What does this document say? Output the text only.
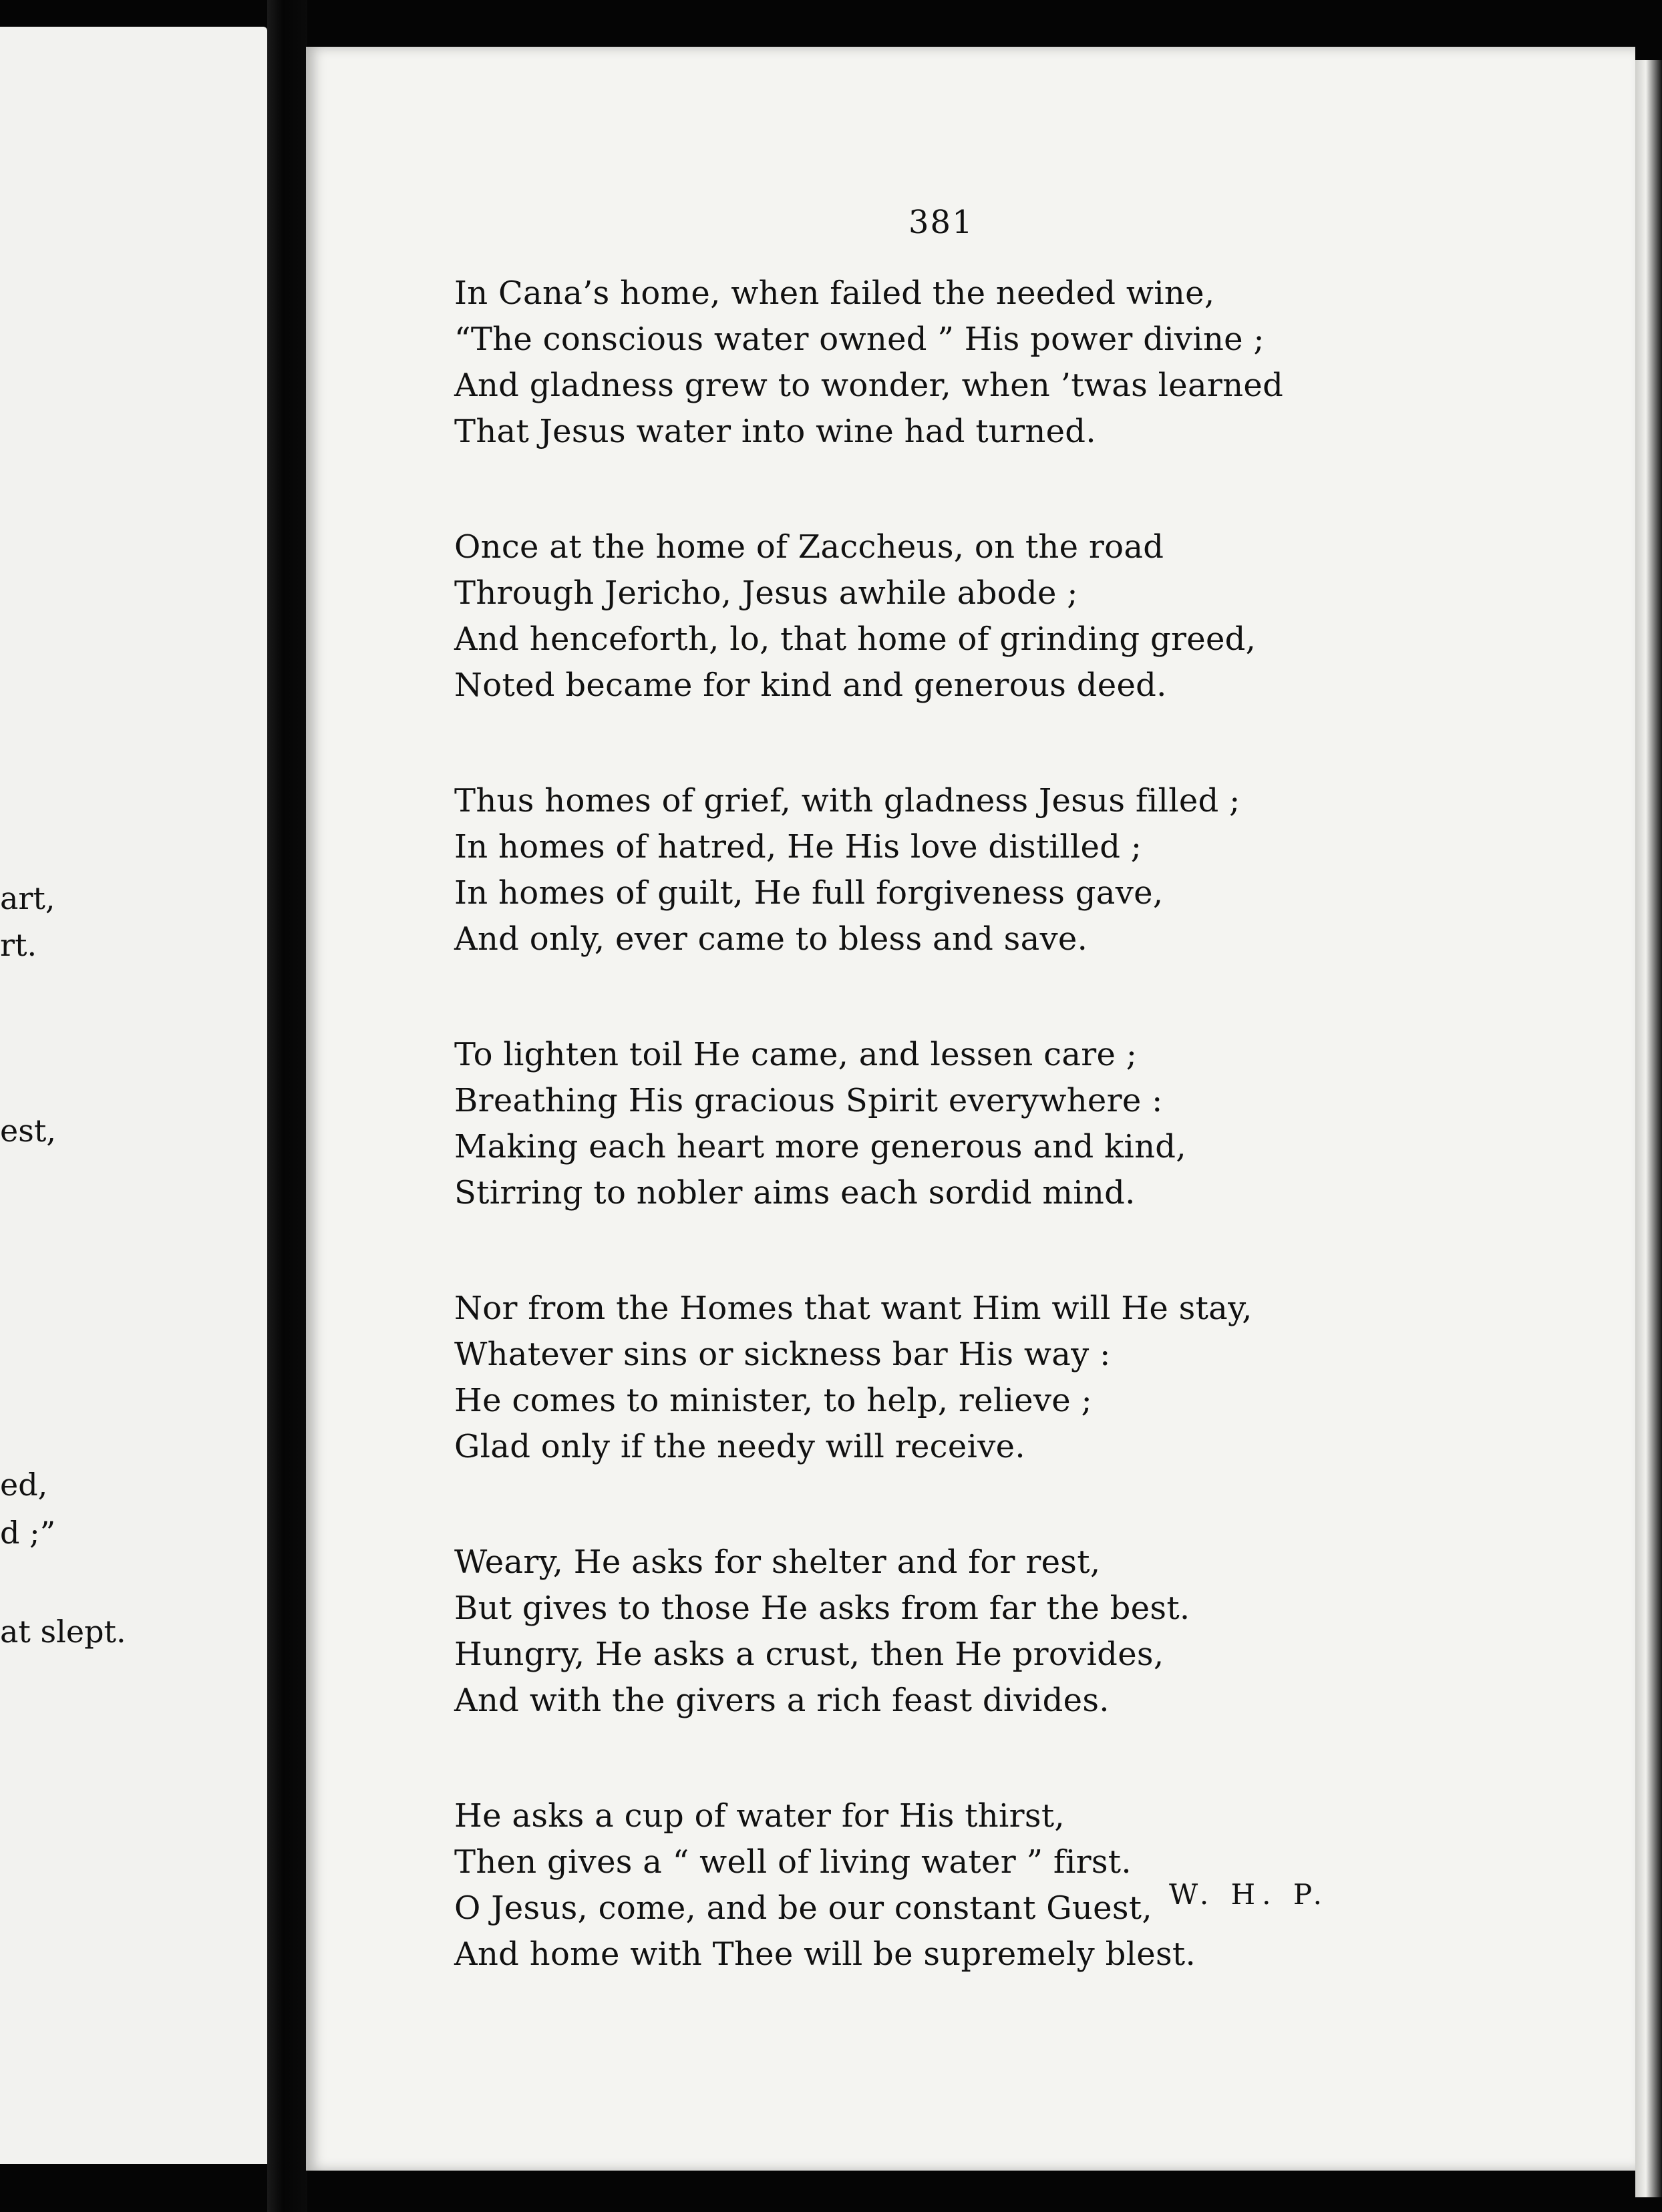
art,
rt.
est,
ed,
d ;”
at slept.
381
In Cana’s home, when failed the needed wine,
“The conscious water owned ” His power divine ;
And gladness grew to wonder, when ’twas learned
That Jesus water into wine had turned.
Once at the home of Zaccheus, on the road
Through Jericho, Jesus awhile abode ;
And henceforth, lo, that home of grinding greed,
Noted became for kind and generous deed.
Thus homes of grief, with gladness Jesus filled ;
In homes of hatred, He His love distilled ;
In homes of guilt, He full forgiveness gave,
And only, ever came to bless and save.
To lighten toil He came, and lessen care ;
Breathing His gracious Spirit everywhere :
Making each heart more generous and kind,
Stirring to nobler aims each sordid mind.
Nor from the Homes that want Him will He stay,
Whatever sins or sickness bar His way :
He comes to minister, to help, relieve ;
Glad only if the needy will receive.
Weary, He asks for shelter and for rest,
But gives to those He asks from far the best.
Hungry, He asks a crust, then He provides,
And with the givers a rich feast divides.
He asks a cup of water for His thirst,
Then gives a “ well of living water ” first.
O Jesus, come, and be our constant Guest,
And home with Thee will be supremely blest.
W. H. P.
